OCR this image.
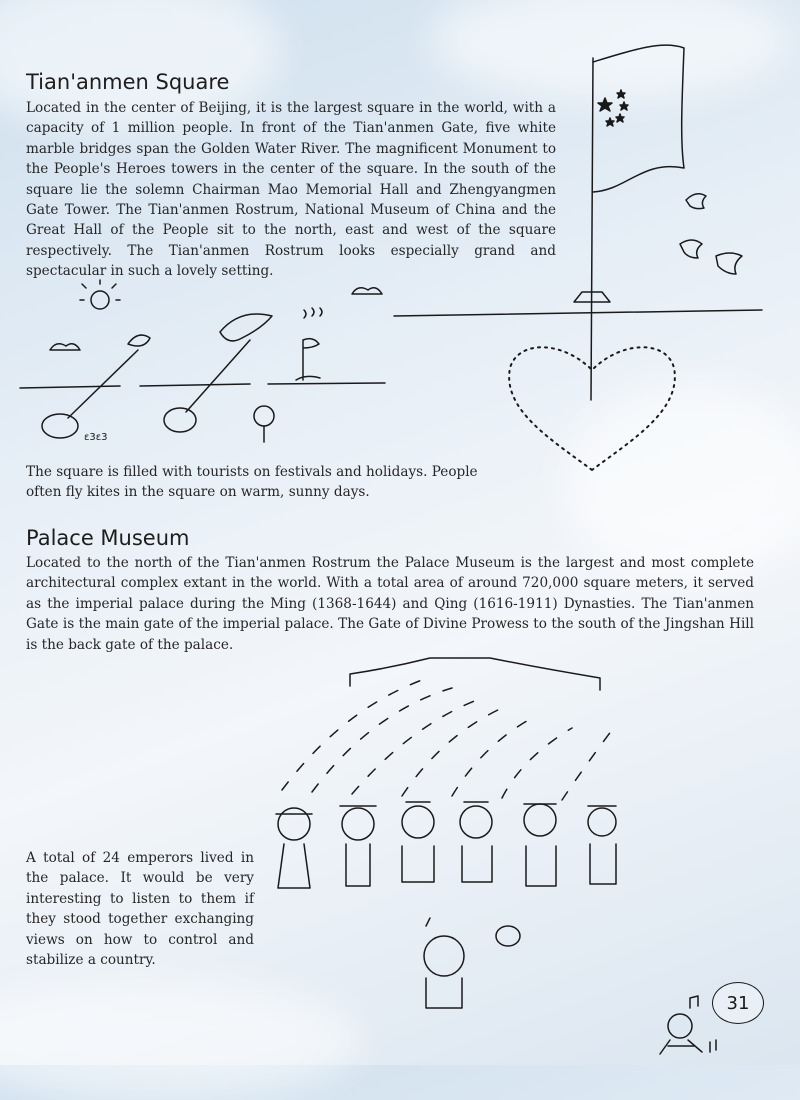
Tian'anmen Square

Located in the center of Beijing, it is the largest square in the world, with a capacity of 1 million people. In front of the Tian'anmen Gate, five white marble bridges span the Golden Water River. The magnificent Monument to the People's Heroes towers in the center of the square. In the south of the square lie the solemn Chairman Mao Memorial Hall and Zhengyangmen Gate Tower. The Tian'anmen Rostrum, National Museum of China and the Great Hall of the People sit to the north, east and west of the square respectively. The Tian'anmen Rostrum looks especially grand and spectacular in such a lovely setting.

ε3ε3

The square is filled with tourists on festivals and holidays. People often fly kites in the square on warm, sunny days.

Palace Museum

Located to the north of the Tian'anmen Rostrum the Palace Museum is the largest and most complete architectural complex extant in the world. With a total area of around 720,000 square meters, it served as the imperial palace during the Ming (1368-1644) and Qing (1616-1911) Dynasties. The Tian'anmen Gate is the main gate of the imperial palace. The Gate of Divine Prowess to the south of the Jingshan Hill is the back gate of the palace.

A total of 24 emperors lived in the palace. It would be very interesting to listen to them if they stood together exchanging views on how to control and stabilize a country.

31
